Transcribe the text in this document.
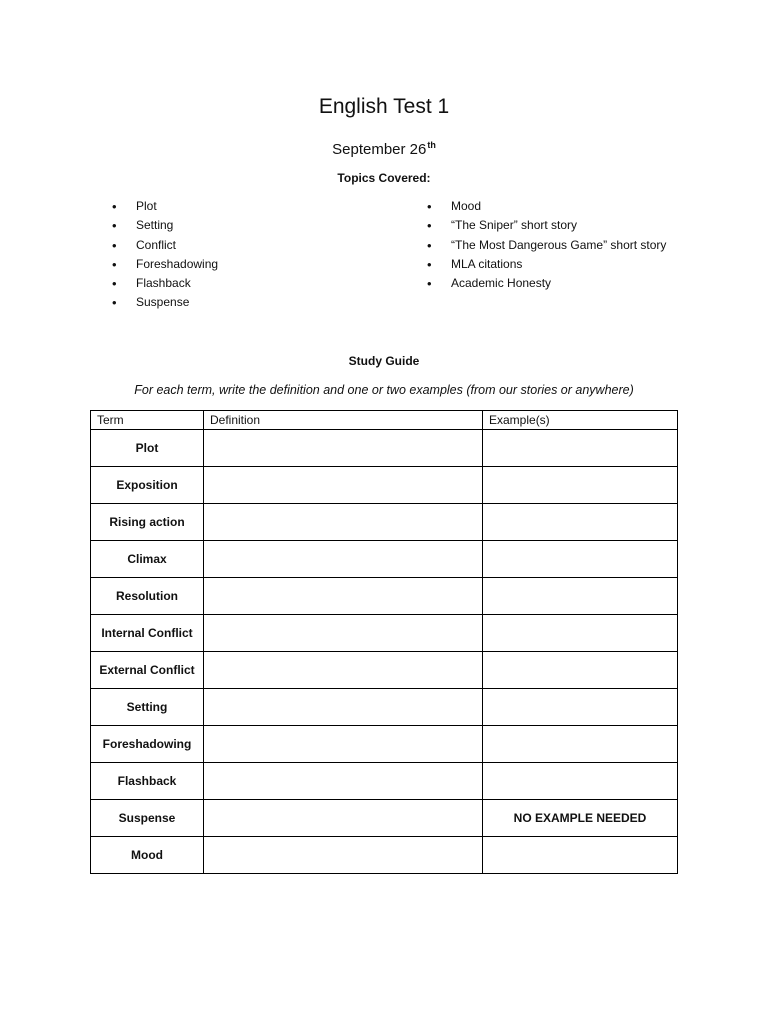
English Test 1
September 26th
Topics Covered:
• Plot
• Setting
• Conflict
• Foreshadowing
• Flashback
• Suspense
• Mood
• “The Sniper” short story
• “The Most Dangerous Game” short story
• MLA citations
• Academic Honesty
Study Guide
For each term, write the definition and one or two examples (from our stories or anywhere)
Term	Definition	Example(s)
Plot		
Exposition		
Rising action		
Climax		
Resolution		
Internal Conflict		
External Conflict		
Setting		
Foreshadowing		
Flashback		
Suspense		NO EXAMPLE NEEDED
Mood		
